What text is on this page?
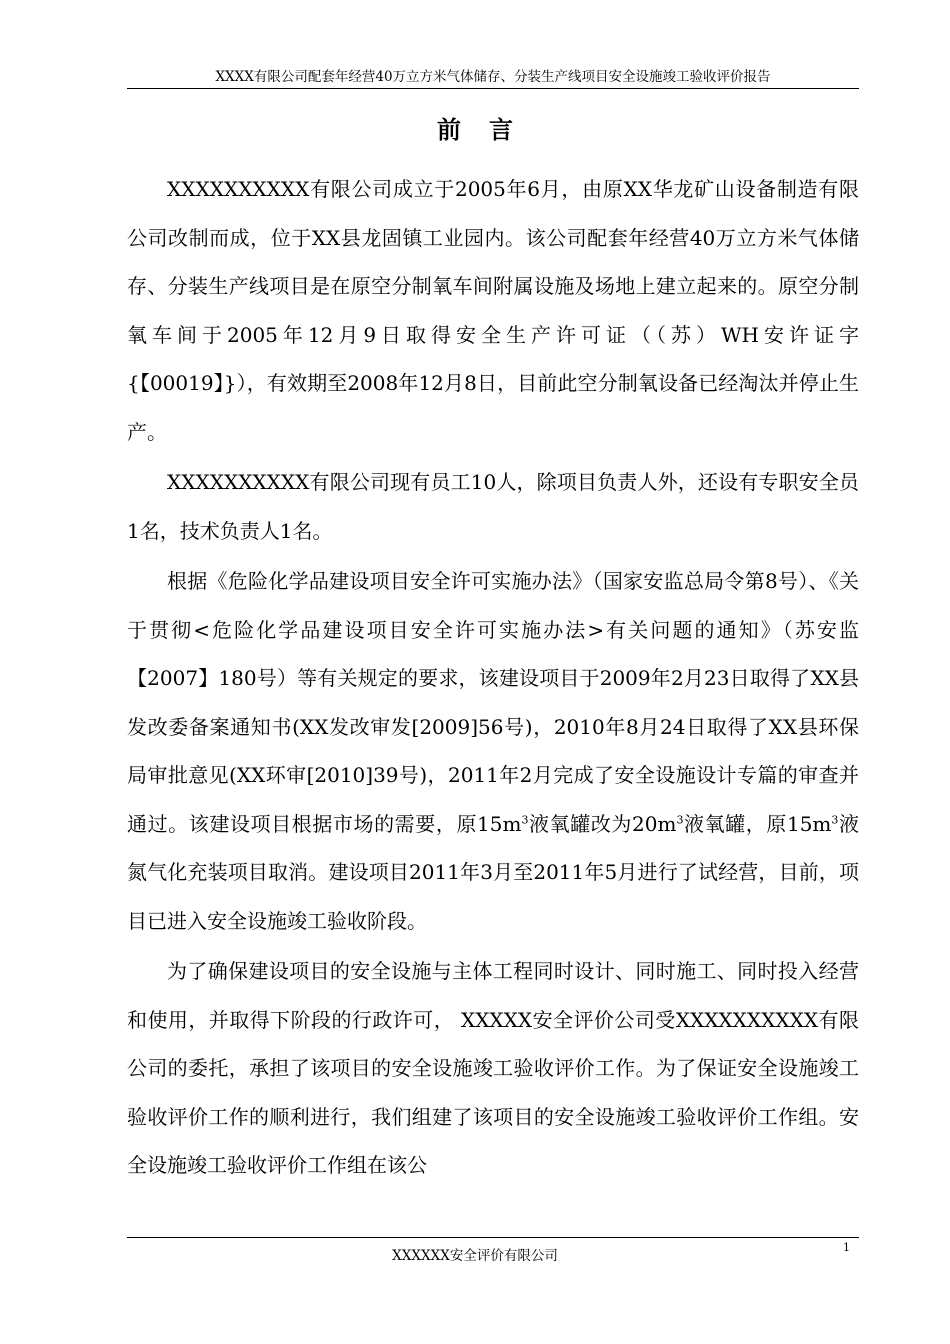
XXXX有限公司配套年经营40万立方米气体储存、分装生产线项目安全设施竣工验收评价报告
前言

XXXXXXXXXX有限公司成立于2005年6月，由原XX华龙矿山设备制造有限公司改制而成，位于XX县龙固镇工业园内。该公司配套年经营40万立方米气体储存、分装生产线项目是在原空分制氧车间附属设施及场地上建立起来的。原空分制氧车间于2005年12月9日取得安全生产许可证（（苏）WH安许证字{【00019】}），有效期至2008年12月8日，目前此空分制氧设备已经淘汰并停止生产。

XXXXXXXXXX有限公司现有员工10人，除项目负责人外，还设有专职安全员1名，技术负责人1名。

根据《危险化学品建设项目安全许可实施办法》（国家安监总局令第8号）、《关于贯彻<危险化学品建设项目安全许可实施办法>有关问题的通知》（苏安监【2007】180号）等有关规定的要求，该建设项目于2009年2月23日取得了XX县发改委备案通知书(XX发改审发[2009]56号)，2010年8月24日取得了XX县环保局审批意见(XX环审[2010]39号)，2011年2月完成了安全设施设计专篇的审查并通过。该建设项目根据市场的需要，原$15m^3$液氧罐改为$20m^3$液氧罐，原$15m^3$液氮气化充装项目取消。建设项目2011年3月至2011年5月进行了试经营，目前，项目已进入安全设施竣工验收阶段。

为了确保建设项目的安全设施与主体工程同时设计、同时施工、同时投入经营和使用，并取得下阶段的行政许可， XXXXX安全评价公司受XXXXXXXXXX有限公司的委托，承担了该项目的安全设施竣工验收评价工作。为了保证安全设施竣工验收评价工作的顺利进行，我们组建了该项目的安全设施竣工验收评价工作组。安全设施竣工验收评价工作组在该公

XXXXXX安全评价有限公司
1
